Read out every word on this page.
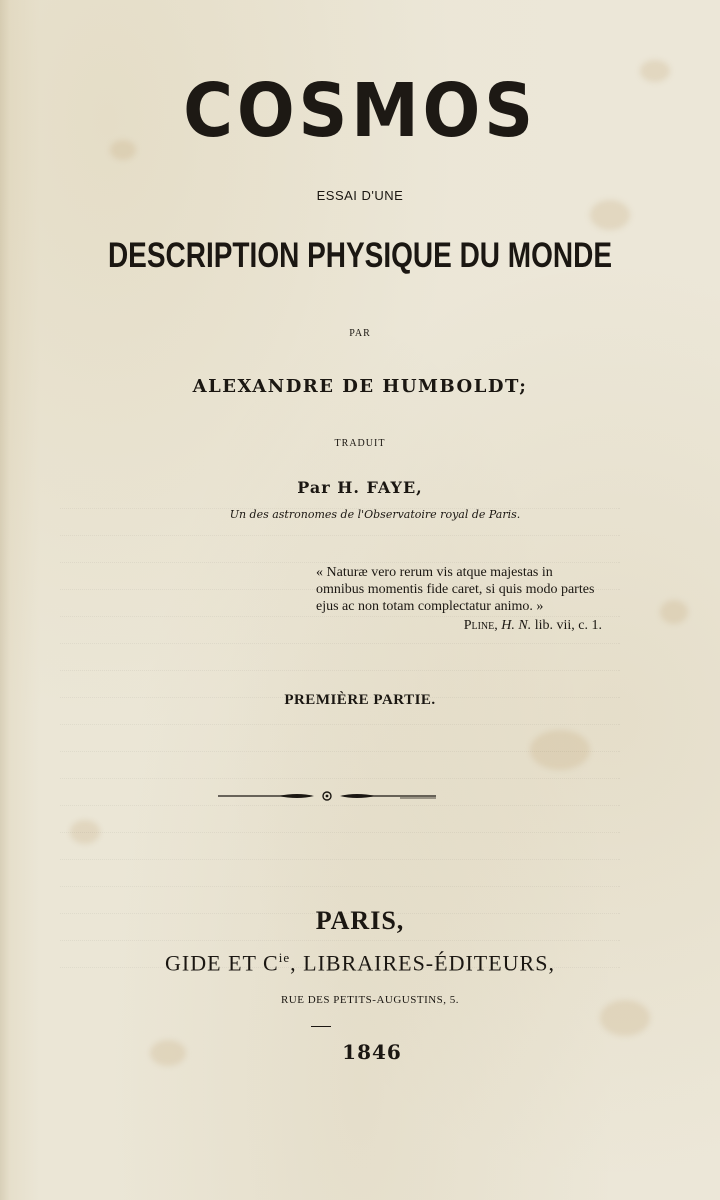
COSMOS
ESSAI D'UNE
DESCRIPTION PHYSIQUE DU MONDE
PAR
ALEXANDRE DE HUMBOLDT;
TRADUIT
Par H. FAYE,
Un des astronomes de l'Observatoire royal de Paris.
« Naturæ vero rerum vis atque majestas in
omnibus momentis fide caret, si quis modo partes
ejus ac non totam complectatur animo. »
Pline, H. N. lib. vii, c. 1.
PREMIÈRE PARTIE.
PARIS,
GIDE ET $C^{ie}$, LIBRAIRES-ÉDITEURS,
RUE DES PETITS-AUGUSTINS, 5.
1846
